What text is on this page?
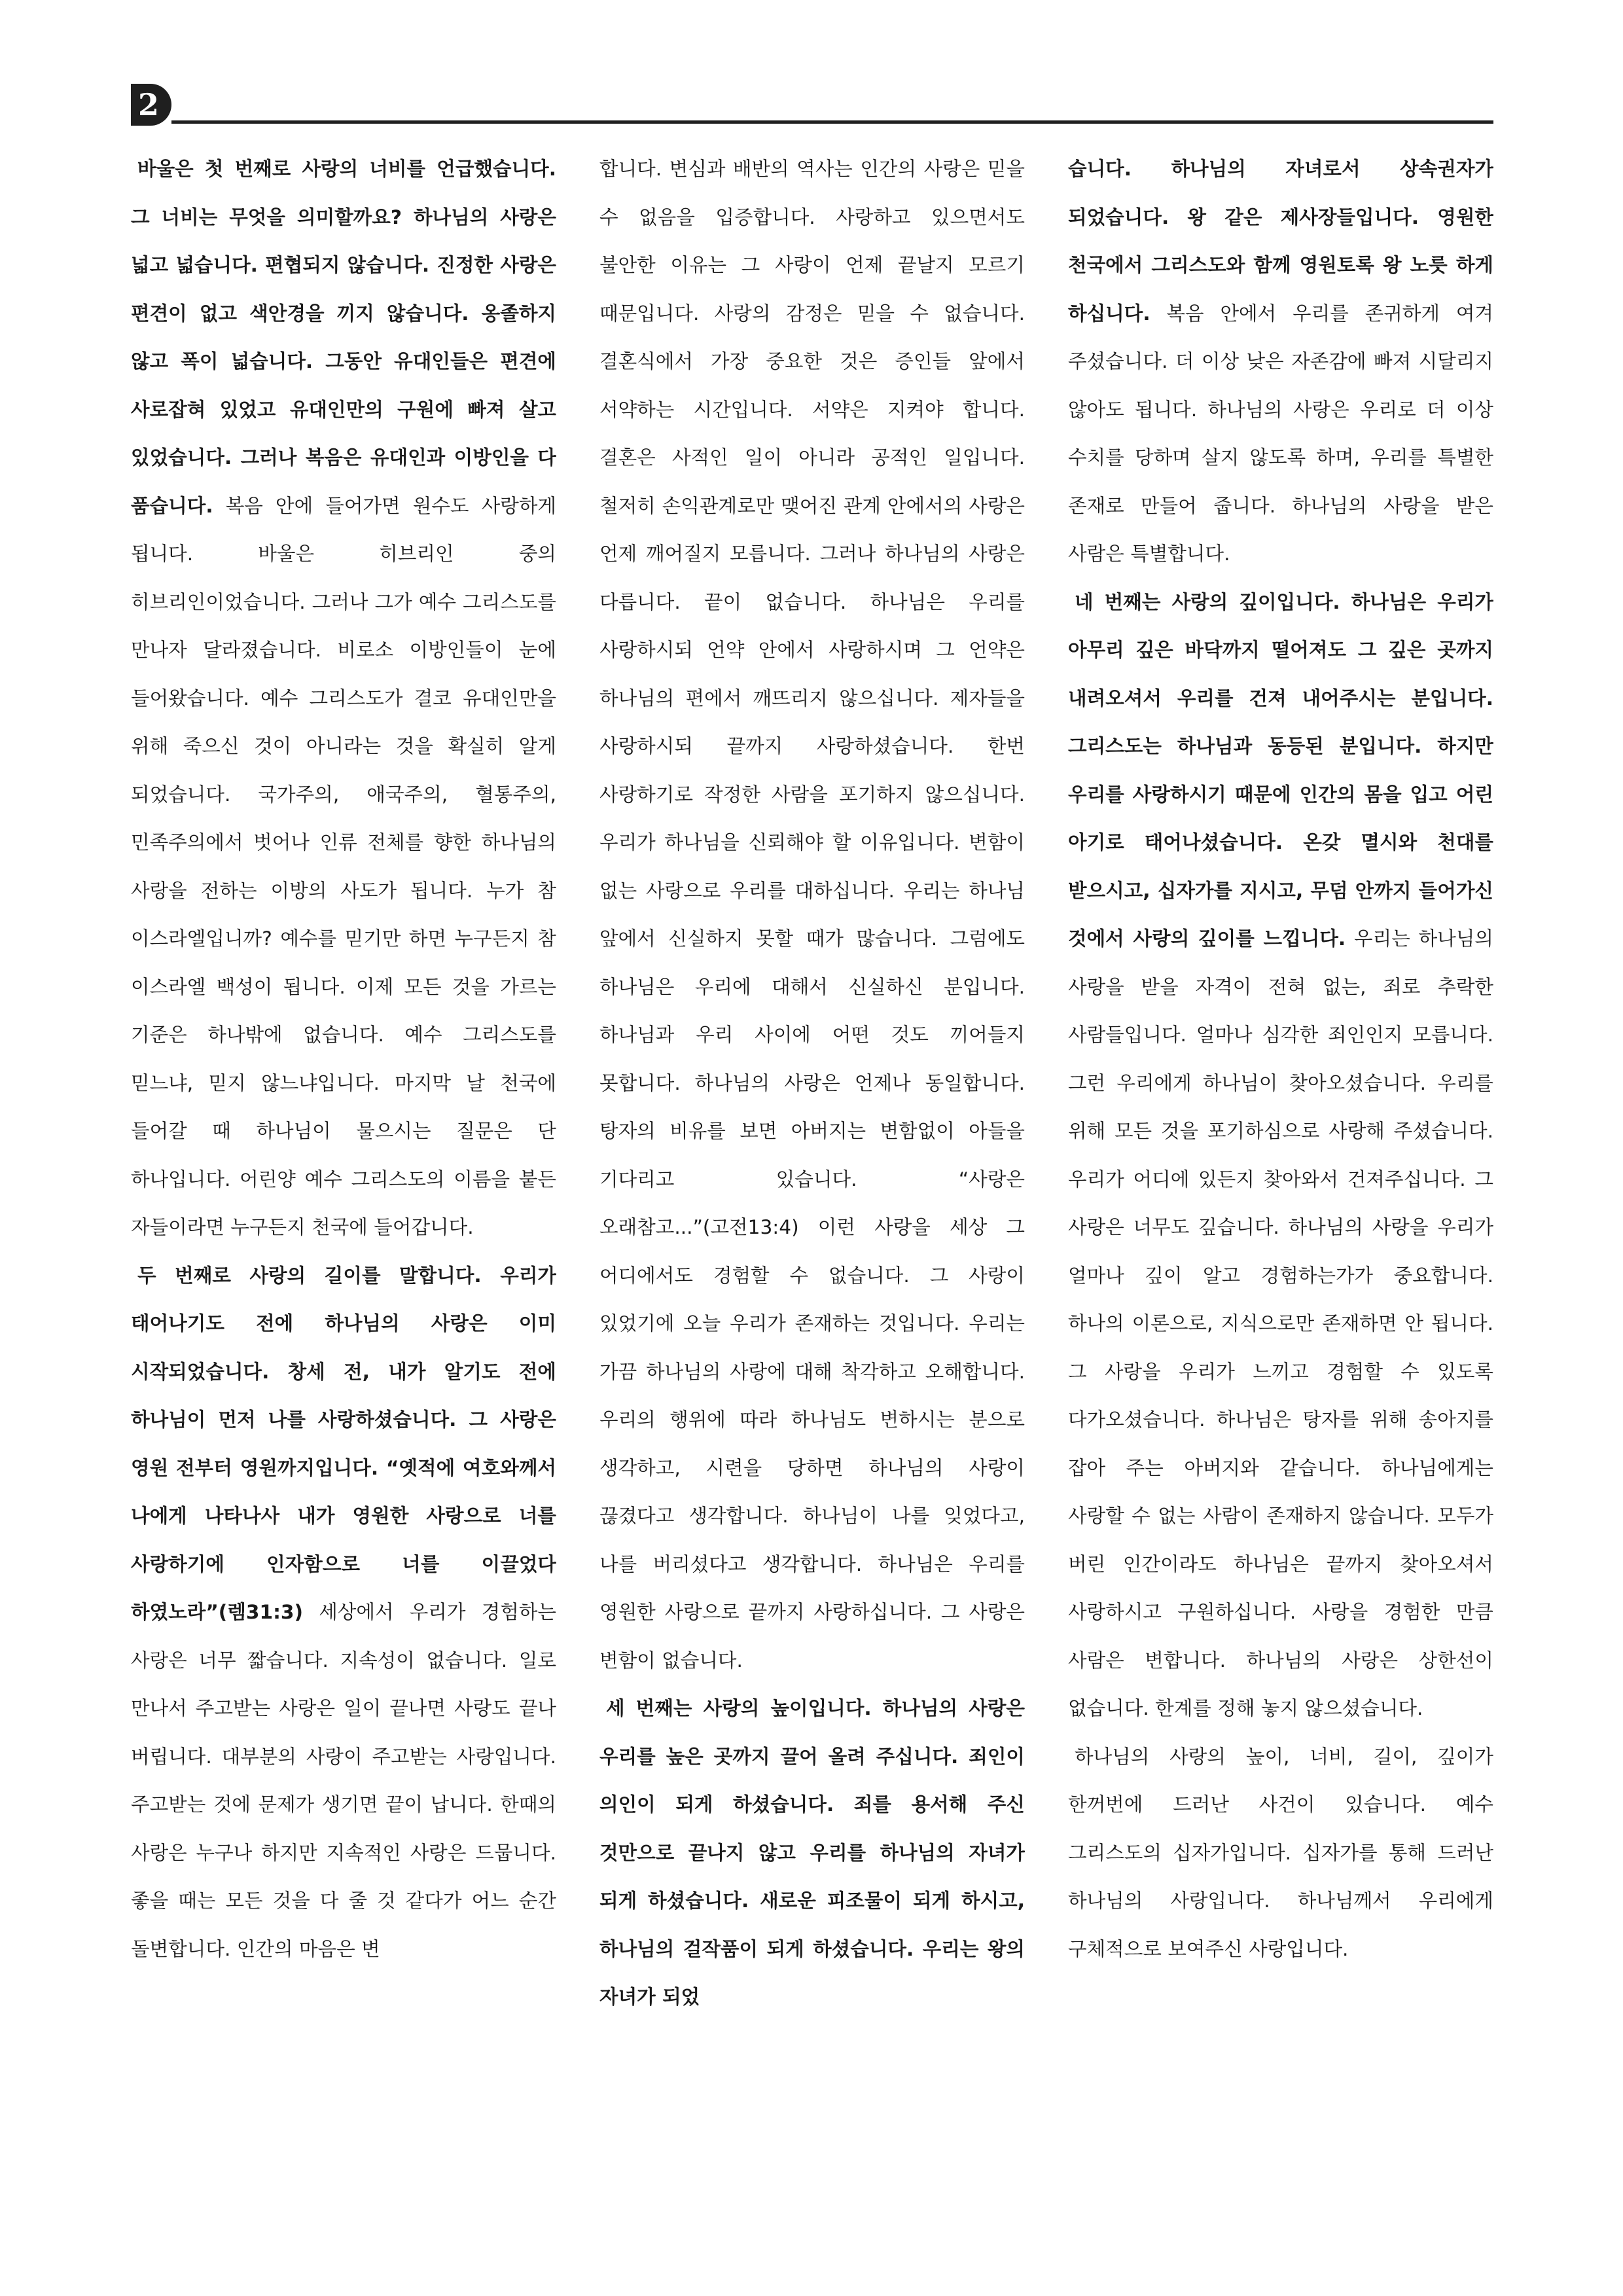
2

바울은 첫 번째로 사랑의 너비를 언급했습니다. 그 너비는 무엇을 의미할까요? 하나님의 사랑은 넓고 넓습니다. 편협되지 않습니다. 진정한 사랑은 편견이 없고 색안경을 끼지 않습니다. 옹졸하지 않고 폭이 넓습니다. 그동안 유대인들은 편견에 사로잡혀 있었고 유대인만의 구원에 빠져 살고 있었습니다. 그러나 복음은 유대인과 이방인을 다 품습니다. 복음 안에 들어가면 원수도 사랑하게 됩니다. 바울은 히브리인 중의 히브리인이었습니다. 그러나 그가 예수 그리스도를 만나자 달라졌습니다. 비로소 이방인들이 눈에 들어왔습니다. 예수 그리스도가 결코 유대인만을 위해 죽으신 것이 아니라는 것을 확실히 알게 되었습니다. 국가주의, 애국주의, 혈통주의, 민족주의에서 벗어나 인류 전체를 향한 하나님의 사랑을 전하는 이방의 사도가 됩니다. 누가 참 이스라엘입니까? 예수를 믿기만 하면 누구든지 참 이스라엘 백성이 됩니다. 이제 모든 것을 가르는 기준은 하나밖에 없습니다. 예수 그리스도를 믿느냐, 믿지 않느냐입니다. 마지막 날 천국에 들어갈 때 하나님이 물으시는 질문은 단 하나입니다. 어린양 예수 그리스도의 이름을 붙든 자들이라면 누구든지 천국에 들어갑니다.

두 번째로 사랑의 길이를 말합니다. 우리가 태어나기도 전에 하나님의 사랑은 이미 시작되었습니다. 창세 전, 내가 알기도 전에 하나님이 먼저 나를 사랑하셨습니다. 그 사랑은 영원 전부터 영원까지입니다. “옛적에 여호와께서 나에게 나타나사 내가 영원한 사랑으로 너를 사랑하기에 인자함으로 너를 이끌었다 하였노라”(렘31:3) 세상에서 우리가 경험하는 사랑은 너무 짧습니다. 지속성이 없습니다. 일로 만나서 주고받는 사랑은 일이 끝나면 사랑도 끝나 버립니다. 대부분의 사랑이 주고받는 사랑입니다. 주고받는 것에 문제가 생기면 끝이 납니다. 한때의 사랑은 누구나 하지만 지속적인 사랑은 드뭅니다. 좋을 때는 모든 것을 다 줄 것 같다가 어느 순간 돌변합니다. 인간의 마음은 변

합니다. 변심과 배반의 역사는 인간의 사랑은 믿을 수 없음을 입증합니다. 사랑하고 있으면서도 불안한 이유는 그 사랑이 언제 끝날지 모르기 때문입니다. 사랑의 감정은 믿을 수 없습니다. 결혼식에서 가장 중요한 것은 증인들 앞에서 서약하는 시간입니다. 서약은 지켜야 합니다. 결혼은 사적인 일이 아니라 공적인 일입니다. 철저히 손익관계로만 맺어진 관계 안에서의 사랑은 언제 깨어질지 모릅니다. 그러나 하나님의 사랑은 다릅니다. 끝이 없습니다. 하나님은 우리를 사랑하시되 언약 안에서 사랑하시며 그 언약은 하나님의 편에서 깨뜨리지 않으십니다. 제자들을 사랑하시되 끝까지 사랑하셨습니다. 한번 사랑하기로 작정한 사람을 포기하지 않으십니다. 우리가 하나님을 신뢰해야 할 이유입니다. 변함이 없는 사랑으로 우리를 대하십니다. 우리는 하나님 앞에서 신실하지 못할 때가 많습니다. 그럼에도 하나님은 우리에 대해서 신실하신 분입니다. 하나님과 우리 사이에 어떤 것도 끼어들지 못합니다. 하나님의 사랑은 언제나 동일합니다. 탕자의 비유를 보면 아버지는 변함없이 아들을 기다리고 있습니다. “사랑은 오래참고...”(고전13:4) 이런 사랑을 세상 그 어디에서도 경험할 수 없습니다. 그 사랑이 있었기에 오늘 우리가 존재하는 것입니다. 우리는 가끔 하나님의 사랑에 대해 착각하고 오해합니다. 우리의 행위에 따라 하나님도 변하시는 분으로 생각하고, 시련을 당하면 하나님의 사랑이 끊겼다고 생각합니다. 하나님이 나를 잊었다고, 나를 버리셨다고 생각합니다. 하나님은 우리를 영원한 사랑으로 끝까지 사랑하십니다. 그 사랑은 변함이 없습니다.

세 번째는 사랑의 높이입니다. 하나님의 사랑은 우리를 높은 곳까지 끌어 올려 주십니다. 죄인이 의인이 되게 하셨습니다. 죄를 용서해 주신 것만으로 끝나지 않고 우리를 하나님의 자녀가 되게 하셨습니다. 새로운 피조물이 되게 하시고, 하나님의 걸작품이 되게 하셨습니다. 우리는 왕의 자녀가 되었

습니다. 하나님의 자녀로서 상속권자가 되었습니다. 왕 같은 제사장들입니다. 영원한 천국에서 그리스도와 함께 영원토록 왕 노릇 하게 하십니다. 복음 안에서 우리를 존귀하게 여겨 주셨습니다. 더 이상 낮은 자존감에 빠져 시달리지 않아도 됩니다. 하나님의 사랑은 우리로 더 이상 수치를 당하며 살지 않도록 하며, 우리를 특별한 존재로 만들어 줍니다. 하나님의 사랑을 받은 사람은 특별합니다.

네 번째는 사랑의 깊이입니다. 하나님은 우리가 아무리 깊은 바닥까지 떨어져도 그 깊은 곳까지 내려오셔서 우리를 건져 내어주시는 분입니다. 그리스도는 하나님과 동등된 분입니다. 하지만 우리를 사랑하시기 때문에 인간의 몸을 입고 어린 아기로 태어나셨습니다. 온갖 멸시와 천대를 받으시고, 십자가를 지시고, 무덤 안까지 들어가신 것에서 사랑의 깊이를 느낍니다. 우리는 하나님의 사랑을 받을 자격이 전혀 없는, 죄로 추락한 사람들입니다. 얼마나 심각한 죄인인지 모릅니다. 그런 우리에게 하나님이 찾아오셨습니다. 우리를 위해 모든 것을 포기하심으로 사랑해 주셨습니다. 우리가 어디에 있든지 찾아와서 건져주십니다. 그 사랑은 너무도 깊습니다. 하나님의 사랑을 우리가 얼마나 깊이 알고 경험하는가가 중요합니다. 하나의 이론으로, 지식으로만 존재하면 안 됩니다. 그 사랑을 우리가 느끼고 경험할 수 있도록 다가오셨습니다. 하나님은 탕자를 위해 송아지를 잡아 주는 아버지와 같습니다. 하나님에게는 사랑할 수 없는 사람이 존재하지 않습니다. 모두가 버린 인간이라도 하나님은 끝까지 찾아오셔서 사랑하시고 구원하십니다. 사랑을 경험한 만큼 사람은 변합니다. 하나님의 사랑은 상한선이 없습니다. 한계를 정해 놓지 않으셨습니다.

하나님의 사랑의 높이, 너비, 길이, 깊이가 한꺼번에 드러난 사건이 있습니다. 예수 그리스도의 십자가입니다. 십자가를 통해 드러난 하나님의 사랑입니다. 하나님께서 우리에게 구체적으로 보여주신 사랑입니다.
